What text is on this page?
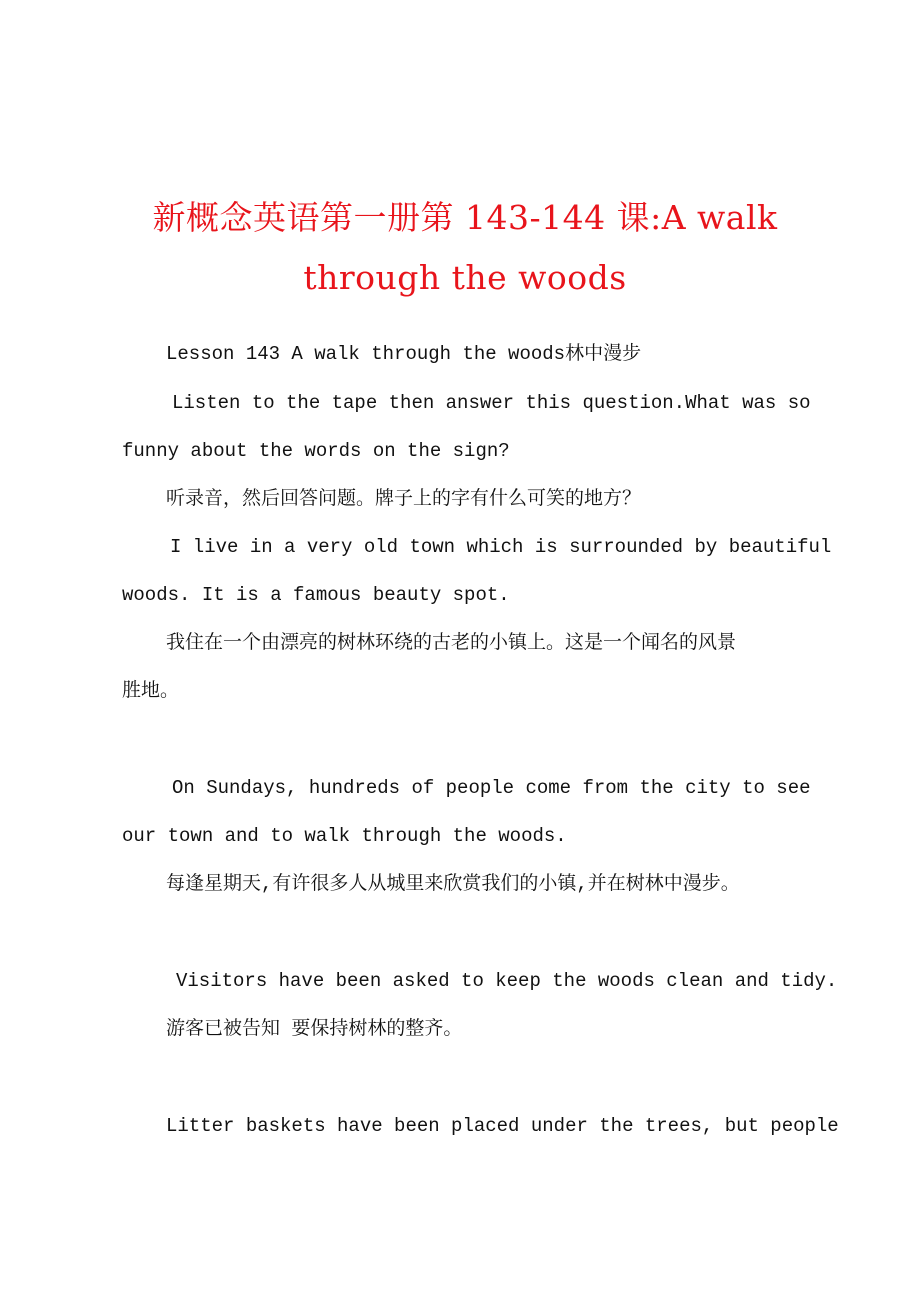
新概念英语第一册第 143-144 课:A walk
through the woods

Lesson 143 A walk through the woods林中漫步

Listen to the tape then answer this question.What was so

funny about the words on the sign?

听录音，然后回答问题。牌子上的字有什么可笑的地方？

I live in a very old town which is surrounded by beautiful

woods. It is a famous beauty spot.

我住在一个由漂亮的树林环绕的古老的小镇上。这是一个闻名的风景

胜地。

On Sundays, hundreds of people come from the city to see

our town and to walk through the woods.

每逢星期天,有许很多人从城里来欣赏我们的小镇,并在树林中漫步。

Visitors have been asked to keep the woods clean and tidy.

游客已被告知 要保持树林的整齐。

Litter baskets have been placed under the trees, but people
